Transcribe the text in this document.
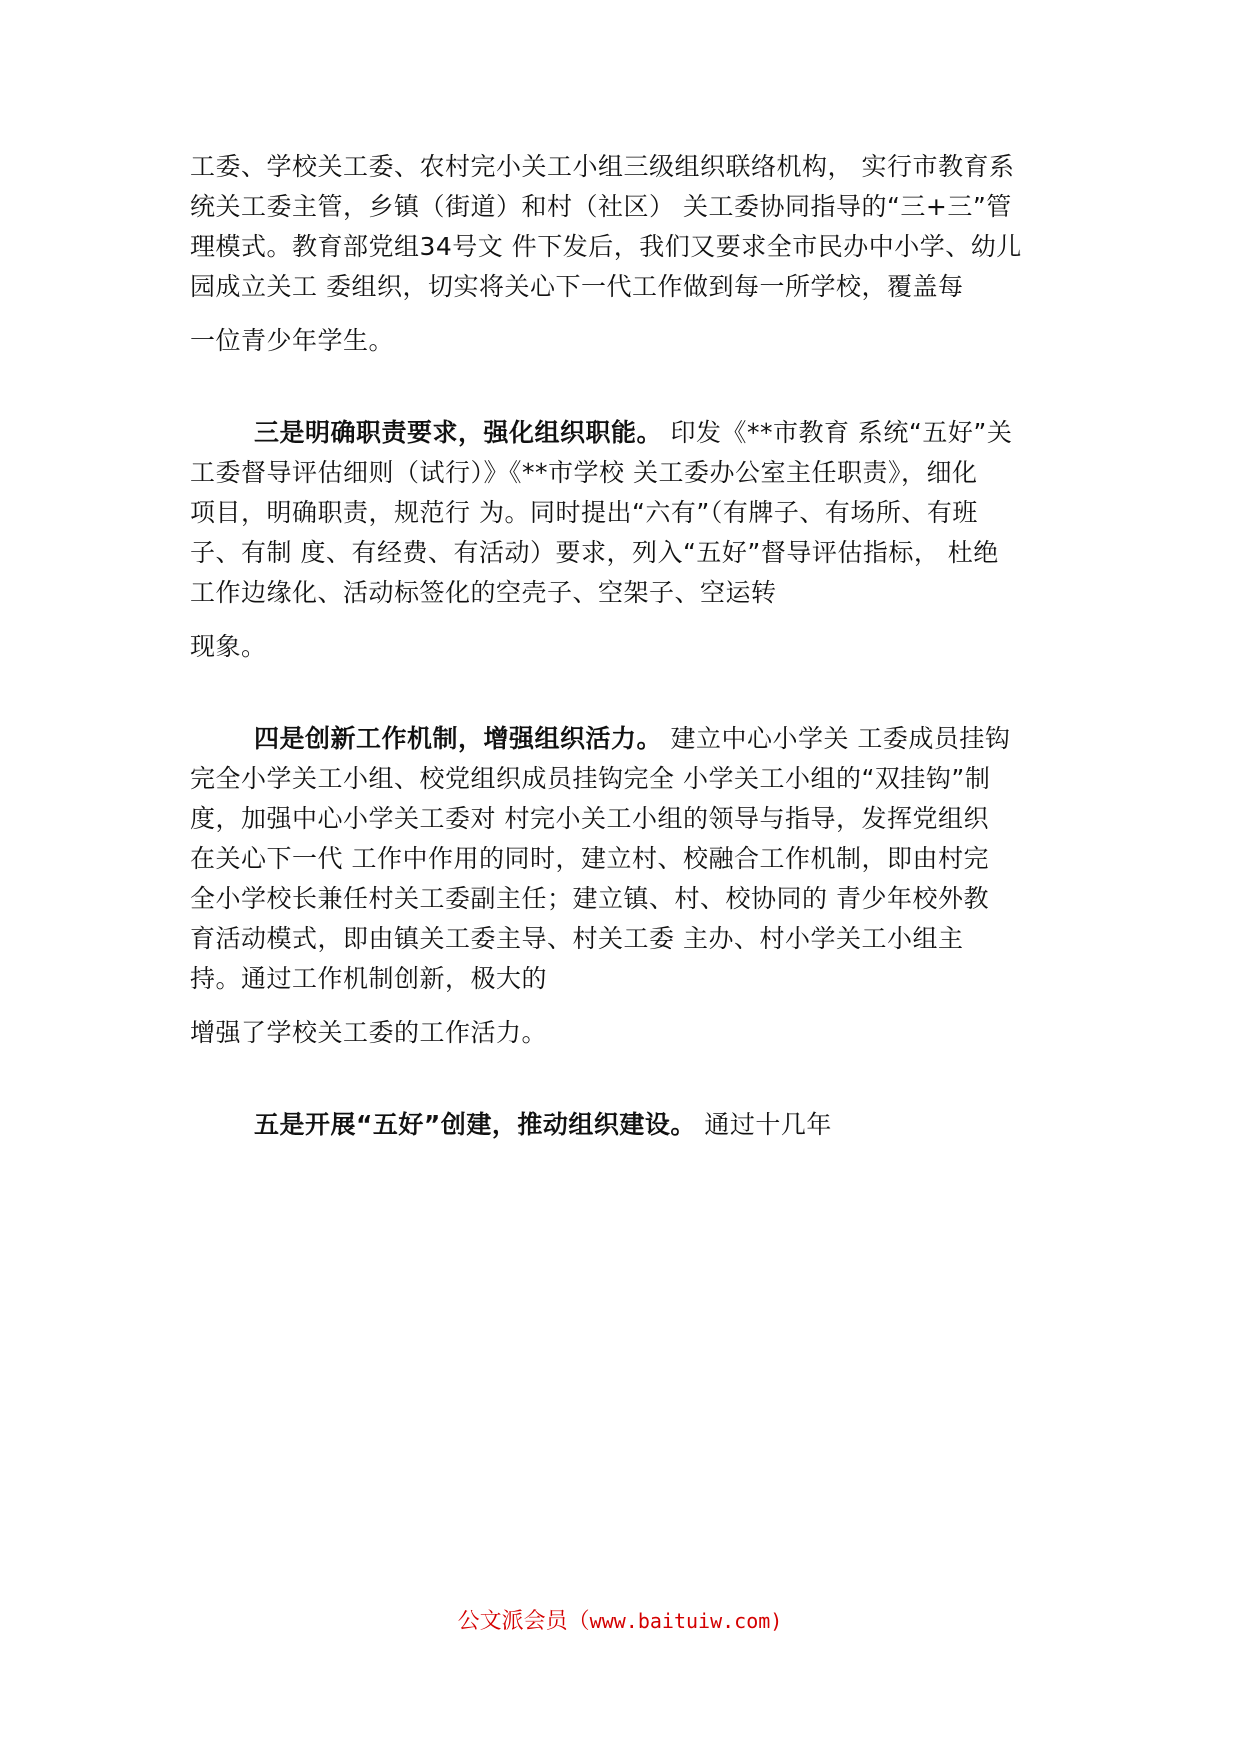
工委、学校关工委、农村完小关工小组三级组织联络机构， 实行市教育系
统关工委主管，乡镇（街道）和村（社区） 关工委协同指导的“三+三”管
理模式。教育部党组34号文 件下发后，我们又要求全市民办中小学、幼儿
园成立关工 委组织，切实将关心下一代工作做到每一所学校，覆盖每
一位青少年学生。
三是明确职责要求，强化组织职能。 印发《**市教育 系统“五好”关
工委督导评估细则（试行）》《**市学校 关工委办公室主任职责》，细化
项目，明确职责，规范行 为。同时提出“六有”（有牌子、有场所、有班
子、有制 度、有经费、有活动）要求，列入“五好”督导评估指标， 杜绝
工作边缘化、活动标签化的空壳子、空架子、空运转
现象。
四是创新工作机制，增强组织活力。 建立中心小学关 工委成员挂钩
完全小学关工小组、校党组织成员挂钩完全 小学关工小组的“双挂钩”制
度，加强中心小学关工委对 村完小关工小组的领导与指导，发挥党组织
在关心下一代 工作中作用的同时，建立村、校融合工作机制，即由村完
全小学校长兼任村关工委副主任；建立镇、村、校协同的 青少年校外教
育活动模式，即由镇关工委主导、村关工委 主办、村小学关工小组主
持。通过工作机制创新，极大的
增强了学校关工委的工作活力。
五是开展“五好”创建，推动组织建设。 通过十几年
公文派会员（www.baituiw.com)
